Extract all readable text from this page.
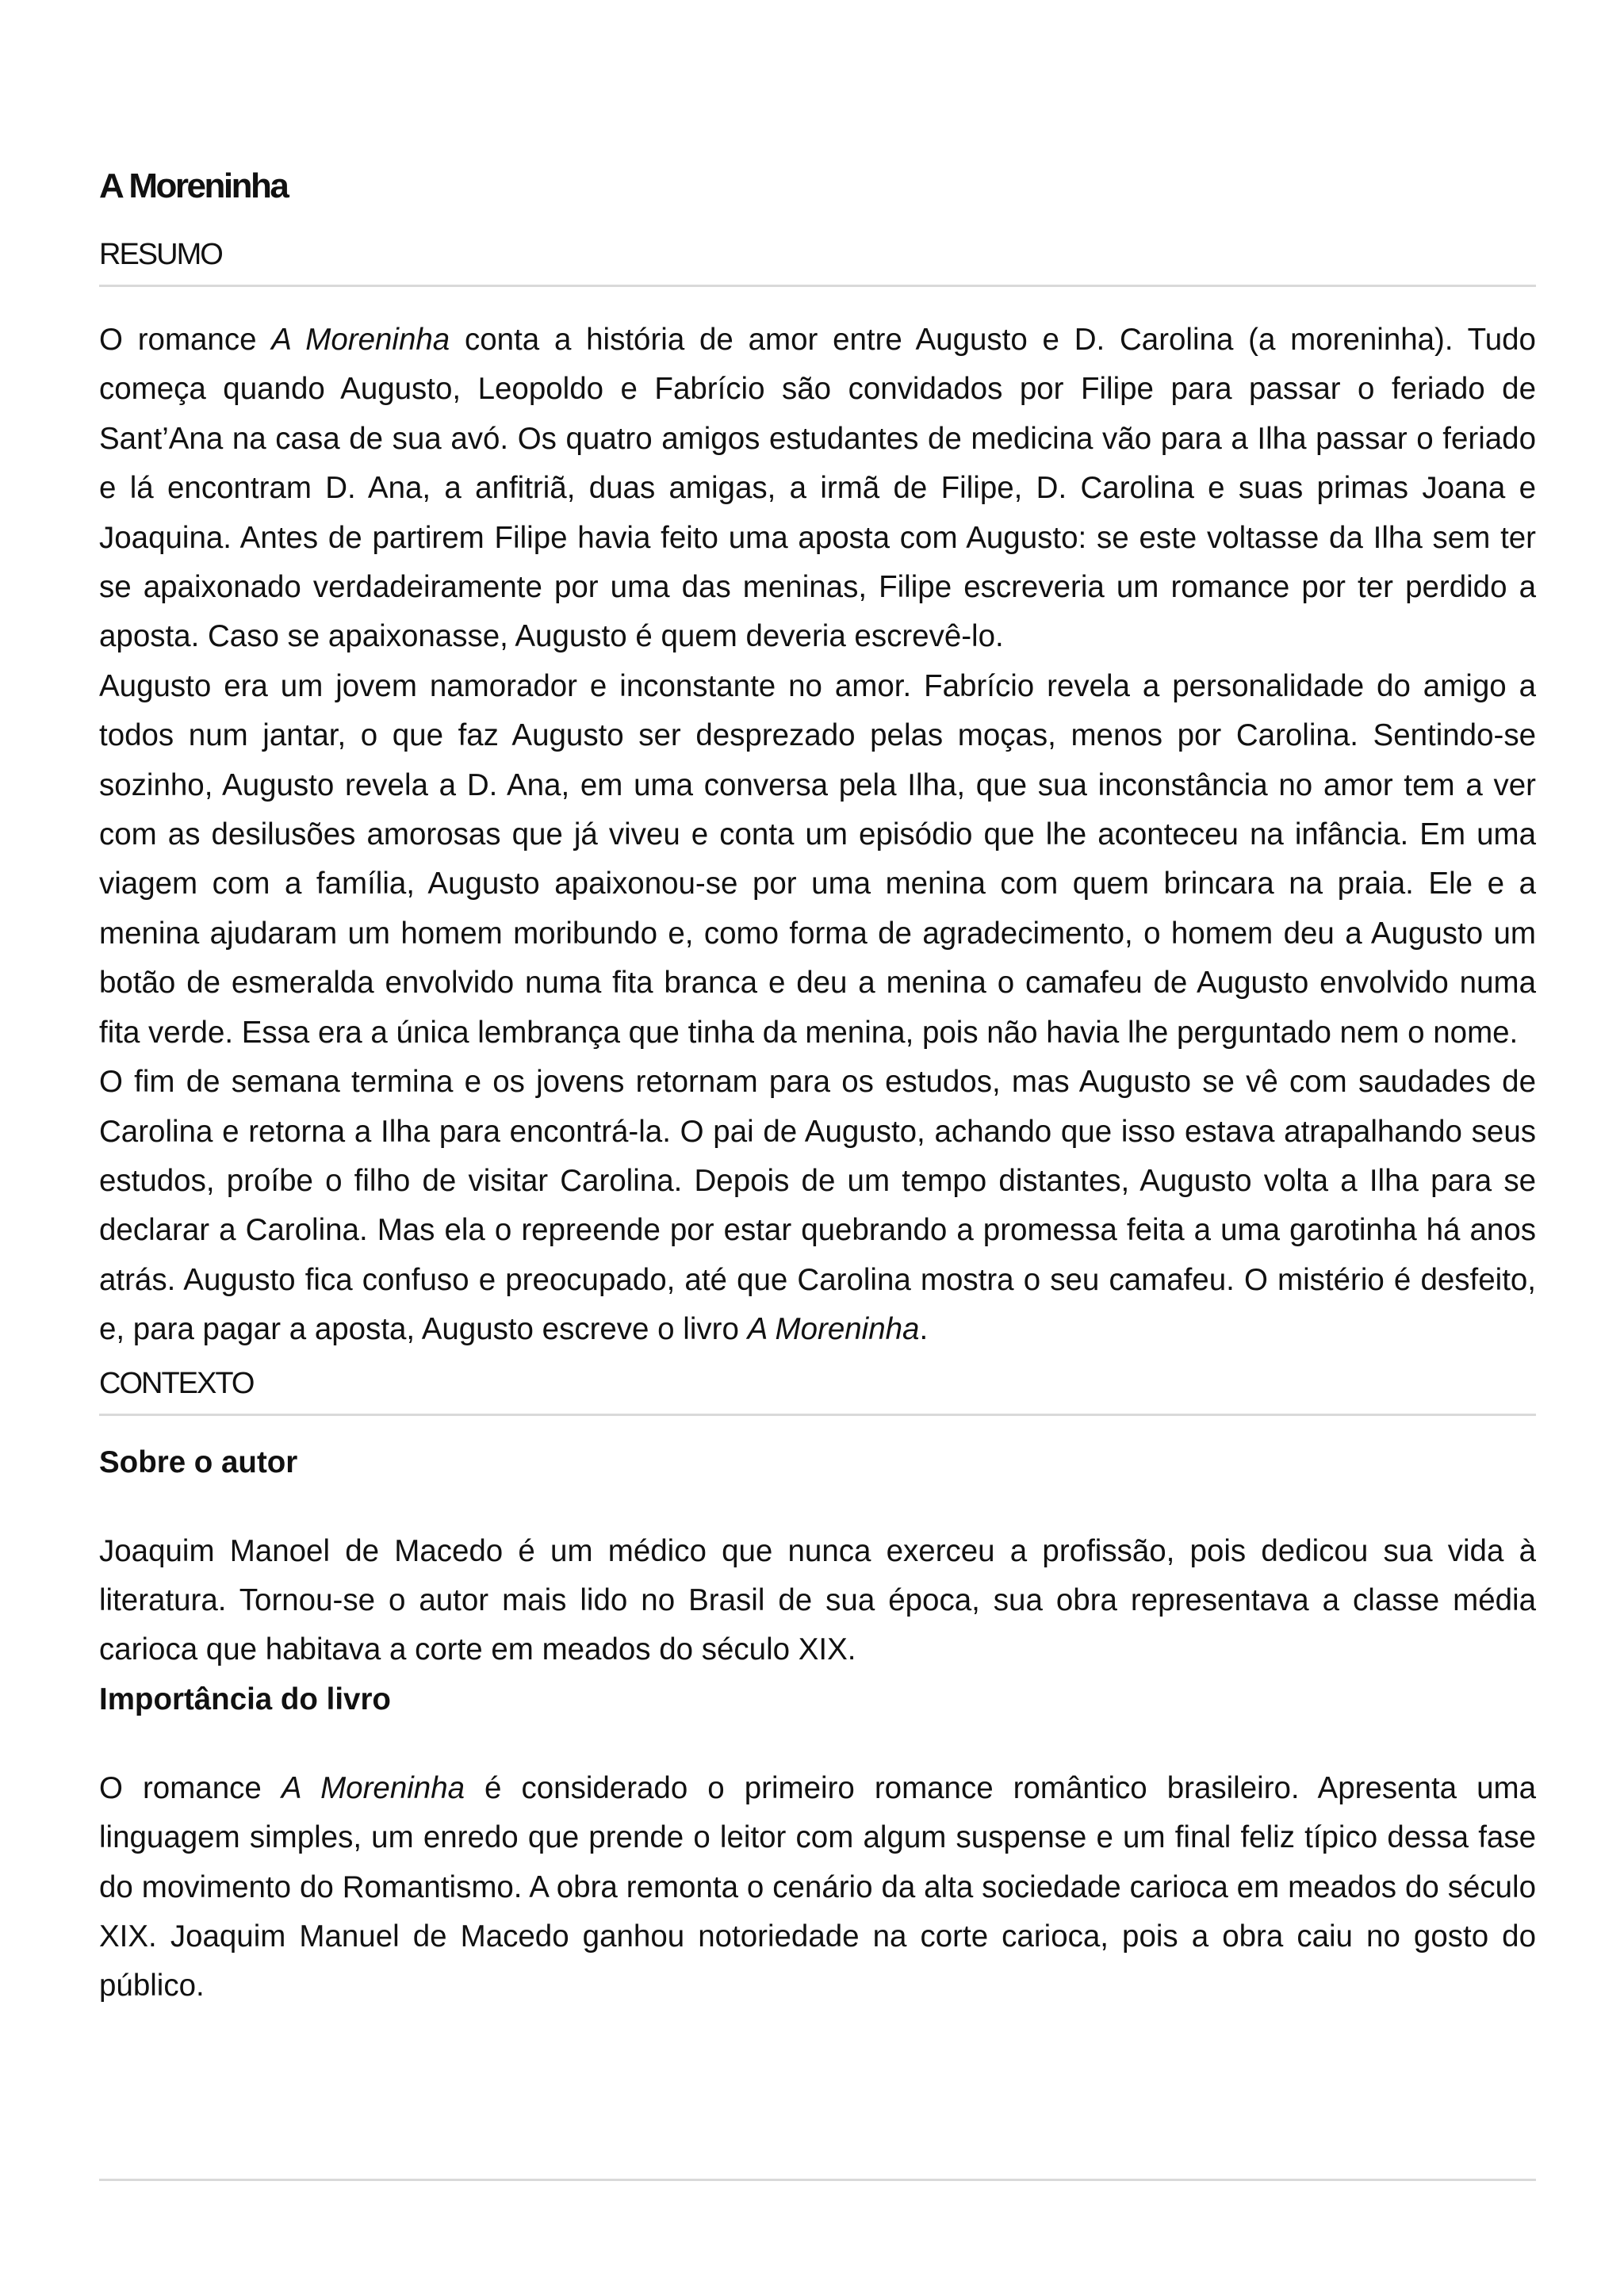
A Moreninha
RESUMO

O romance A Moreninha conta a história de amor entre Augusto e D. Carolina (a moreninha). Tudo começa quando Augusto, Leopoldo e Fabrício são convidados por Filipe para passar o feriado de Sant’Ana na casa de sua avó. Os quatro amigos estudantes de medicina vão para a Ilha passar o feriado e lá encontram D. Ana, a anfitriã, duas amigas, a irmã de Filipe, D. Carolina e suas primas Joana e Joaquina. Antes de partirem Filipe havia feito uma aposta com Augusto: se este voltasse da Ilha sem ter se apaixonado verdadeiramente por uma das meninas, Filipe escreveria um romance por ter perdido a aposta. Caso se apaixonasse, Augusto é quem deveria escrevê-lo.

Augusto era um jovem namorador e inconstante no amor. Fabrício revela a personalidade do amigo a todos num jantar, o que faz Augusto ser desprezado pelas moças, menos por Carolina. Sentindo-se sozinho, Augusto revela a D. Ana, em uma conversa pela Ilha, que sua inconstância no amor tem a ver com as desilusões amorosas que já viveu e conta um episódio que lhe aconteceu na infância. Em uma viagem com a família, Augusto apaixonou-se por uma menina com quem brincara na praia. Ele e a menina ajudaram um homem moribundo e, como forma de agradecimento, o homem deu a Augusto um botão de esmeralda envolvido numa fita branca e deu a menina o camafeu de Augusto envolvido numa fita verde. Essa era a única lembrança que tinha da menina, pois não havia lhe perguntado nem o nome.

O fim de semana termina e os jovens retornam para os estudos, mas Augusto se vê com saudades de Carolina e retorna a Ilha para encontrá-la. O pai de Augusto, achando que isso estava atrapalhando seus estudos, proíbe o filho de visitar Carolina. Depois de um tempo distantes, Augusto volta a Ilha para se declarar a Carolina. Mas ela o repreende por estar quebrando a promessa feita a uma garotinha há anos atrás. Augusto fica confuso e preocupado, até que Carolina mostra o seu camafeu. O mistério é desfeito, e, para pagar a aposta, Augusto escreve o livro A Moreninha.

CONTEXTO
Sobre o autor

Joaquim Manoel de Macedo é um médico que nunca exerceu a profissão, pois dedicou sua vida à literatura. Tornou-se o autor mais lido no Brasil de sua época, sua obra representava a classe média carioca que habitava a corte em meados do século XIX.

Importância do livro

O romance A Moreninha é considerado o primeiro romance romântico brasileiro. Apresenta uma linguagem simples, um enredo que prende o leitor com algum suspense e um final feliz típico dessa fase do movimento do Romantismo. A obra remonta o cenário da alta sociedade carioca em meados do século XIX. Joaquim Manuel de Macedo ganhou notoriedade na corte carioca, pois a obra caiu no gosto do público.
